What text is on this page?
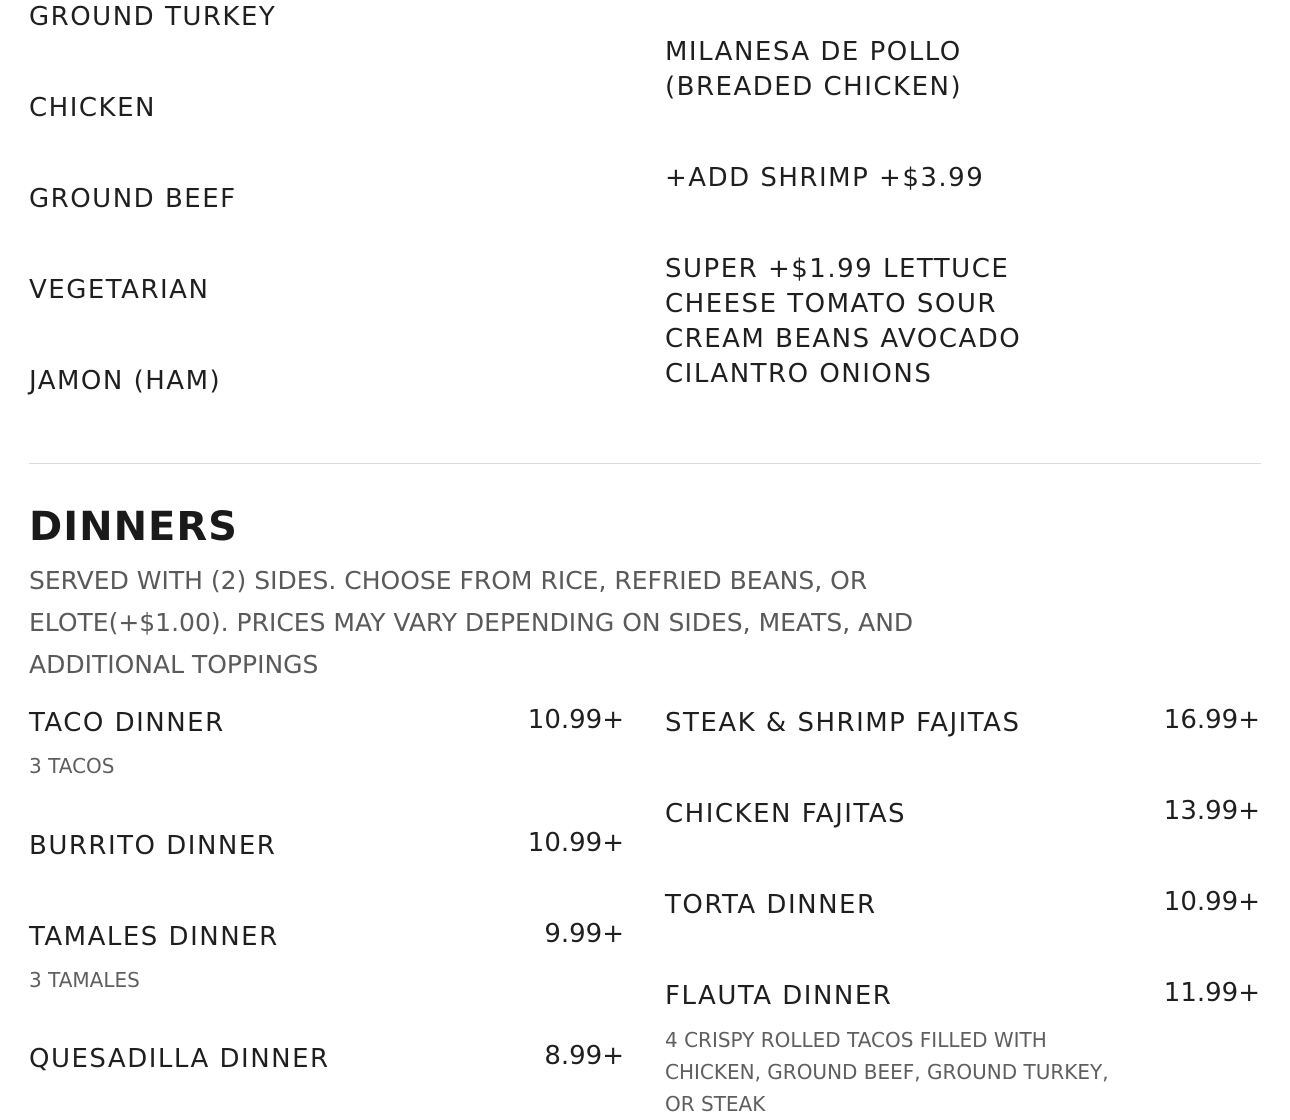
GROUND TURKEY
CHICKEN
GROUND BEEF
VEGETARIAN
JAMON (HAM)
MILANESA DE POLLO
(BREADED CHICKEN)
+ADD SHRIMP +$3.99
SUPER +$1.99 LETTUCE
CHEESE TOMATO SOUR
CREAM BEANS AVOCADO
CILANTRO ONIONS
DINNERS

SERVED WITH (2) SIDES. CHOOSE FROM RICE, REFRIED BEANS, OR ELOTE(+$1.00). PRICES MAY VARY DEPENDING ON SIDES, MEATS, AND ADDITIONAL TOPPINGS

TACO DINNER	10.99+
3 TACOS
BURRITO DINNER	10.99+
TAMALES DINNER	9.99+
3 TAMALES
QUESADILLA DINNER	8.99+
STEAK & SHRIMP FAJITAS	16.99+
CHICKEN FAJITAS	13.99+
TORTA DINNER	10.99+
FLAUTA DINNER	11.99+
4 CRISPY ROLLED TACOS FILLED WITH CHICKEN, GROUND BEEF, GROUND TURKEY, OR STEAK
